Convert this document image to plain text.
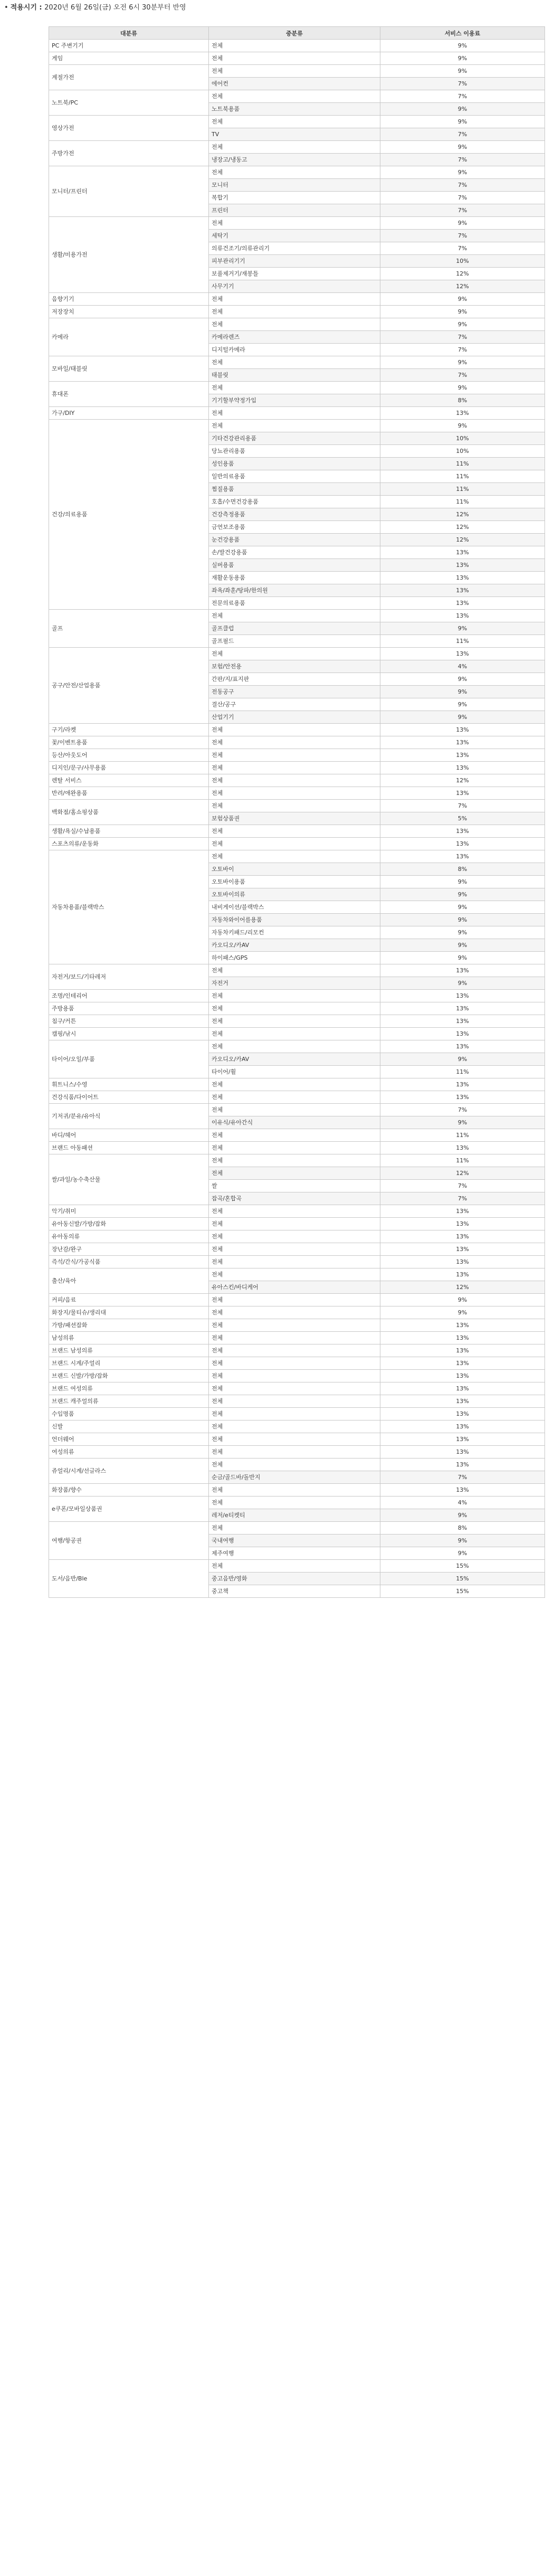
• 적용시기 : 2020년 6월 26일(금) 오전 6시 30분부터 반영
대분류	중분류	서비스 이용료
PC 주변기기	전체	9%
게임	전체	9%
계절가전	전체	9%
	에어컨	7%
노트북/PC	전체	7%
	노트북용품	9%
영상가전	전체	9%
	TV	7%
주방가전	전체	9%
	냉장고/냉동고	7%
모니터/프린터	전체	9%
	모니터	7%
	복합기	7%
	프린터	7%
생활/미용가전	전체	9%
	세탁기	7%
	의류건조기/의류관리기	7%
	피부관리기기	10%
	보풀제거기/재봉틀	12%
	사무기기	12%
음향기기	전체	9%
저장장치	전체	9%
카메라	전체	9%
	카메라렌즈	7%
	디지털카메라	7%
모바일/태블릿	전체	9%
	태블릿	7%
휴대폰	전체	9%
	기기할부약정가입	8%
가구/DIY	전체	13%
건강/의료용품	전체	9%
	기타건강관리용품	10%
	당뇨관리용품	10%
	성인용품	11%
	일반의료용품	11%
	찜질용품	11%
	호흡/수면건강용품	11%
	건강측정용품	12%
	금연보조용품	12%
	눈건강용품	12%
	손/발건강용품	13%
	실버용품	13%
	재활운동용품	13%
	좌욕/좌훈/탕파/한의원	13%
	전문의료용품	13%
골프	전체	13%
	골프클럽	9%
	골프필드	11%
공구/안전/산업용품	전체	13%
	보험/안전용	4%
	간판/지/표지판	9%
	전동공구	9%
	결산/공구	9%
	산업기기	9%
구기/라켓	전체	13%
꽃/이벤트용품	전체	13%
등산/아웃도어	전체	13%
디지인/문구/사무용품	전체	13%
렌탈 서비스	전체	12%
반려/애완용품	전체	13%
백화점/홈쇼핑상품	전체	7%
	보험상품권	5%
생활/욕실/수납용품	전체	13%
스포츠의류/운동화	전체	13%
자동차용품/블랙박스	전체	13%
	오토바이	8%
	오토바이용품	9%
	오토바이의류	9%
	내비게이션/블랙박스	9%
	자동차와이어를용품	9%
	자동차키패드/리모컨	9%
	카오디오/카AV	9%
	하이패스/GPS	9%
자전거/보드/기타레저	전체	13%
	자전거	9%
조명/인테리어	전체	13%
주방용품	전체	13%
침구/커튼	전체	13%
캠핑/낚시	전체	13%
타이어/오일/부품	전체	13%
	카오디오/카AV	9%
	타이어/휠	11%
휘트니스/수영	전체	13%
건강식품/다이어트	전체	13%
기저귀/분유/유아식	전체	7%
	이유식/유아간식	9%
바디/헤어	전체	11%
브랜드 아동패션	전체	13%
쌀/과일/농수축산물	전체	11%
	전체	12%
	쌀	7%
	잡곡/혼합곡	7%
악기/취미	전체	13%
유아동신발/가방/잡화	전체	13%
유아동의류	전체	13%
장난감/완구	전체	13%
즉석/간식/가공식품	전체	13%
출산/육아	전체	13%
	유아스킨/바디케어	12%
커피/음료	전체	9%
화장지/물티슈/생리대	전체	9%
가방/패션잡화	전체	13%
남성의류	전체	13%
브랜드 남성의류	전체	13%
브랜드 시계/주얼리	전체	13%
브랜드 신발/가방/잡화	전체	13%
브랜드 여성의류	전체	13%
브랜드 캐주얼의류	전체	13%
수입명품	전체	13%
신발	전체	13%
언더웨어	전체	13%
여성의류	전체	13%
쥬얼리/시계/선글라스	전체	13%
	순금/골드바/돌반지	7%
화장품/향수	전체	13%
e쿠폰/모바일상품권	전체	4%
	레저/e티켓티	9%
여행/항공권	전체	8%
	국내여행	9%
	제주여행	9%
도서/음반/Ble	전체	15%
	중고음반/영화	15%
	중고책	15%
